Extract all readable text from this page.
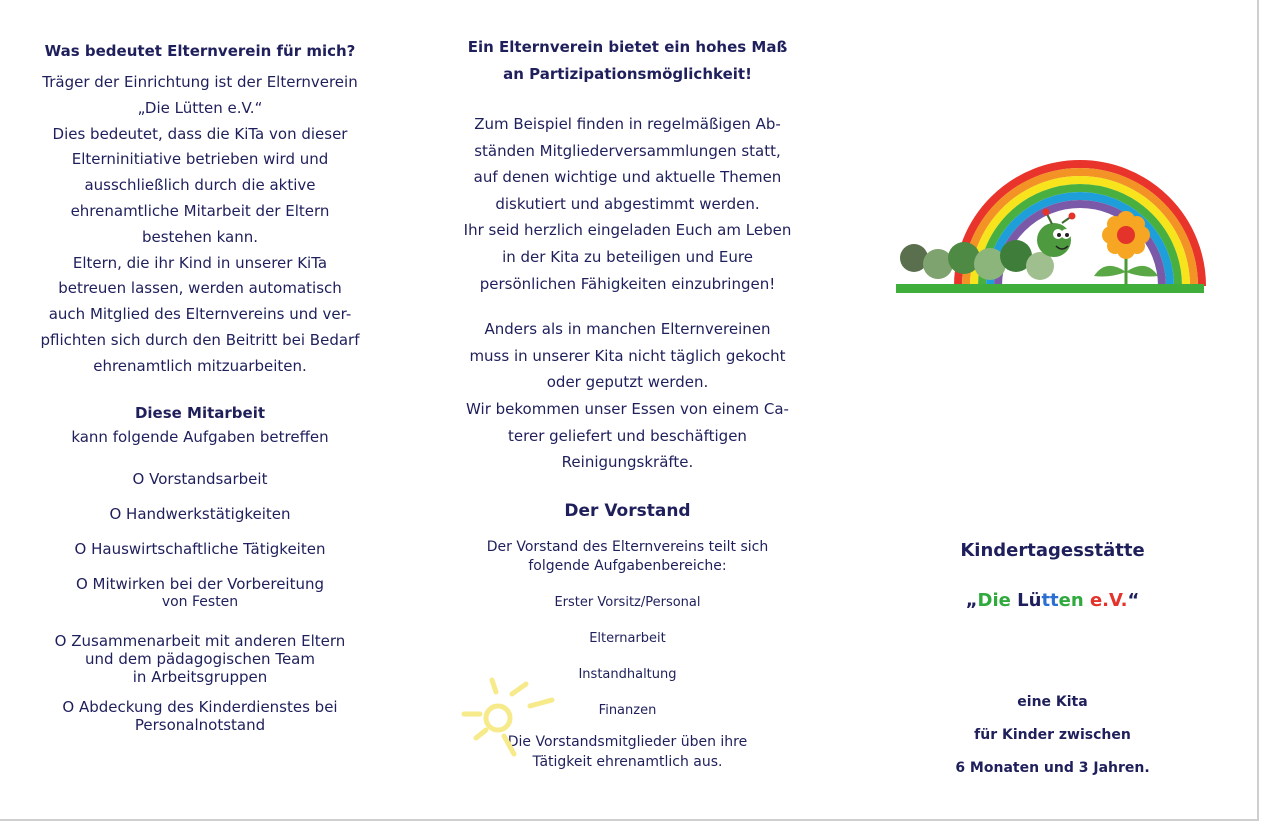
Was bedeutet Elternverein für mich?

Träger der Einrichtung ist der Elternverein

„Die Lütten e.V.“

Dies bedeutet, dass die KiTa von dieser

Elterninitiative betrieben wird und

ausschließlich durch die aktive

ehrenamtliche Mitarbeit der Eltern

bestehen kann.

Eltern, die ihr Kind in unserer KiTa

betreuen lassen, werden automatisch

auch Mitglied des Elternvereins und ver-

pflichten sich durch den Beitritt bei Bedarf

ehrenamtlich mitzuarbeiten.

Diese Mitarbeit

kann folgende Aufgaben betreffen

O Vorstandsarbeit

O Handwerkstätigkeiten

O Hauswirtschaftliche Tätigkeiten

O Mitwirken bei der Vorbereitung

von Festen

O Zusammenarbeit mit anderen Eltern

und dem pädagogischen Team

in Arbeitsgruppen

O Abdeckung des Kinderdienstes bei

Personalnotstand

Ein Elternverein bietet ein hohes Maß

an Partizipationsmöglichkeit!

Zum Beispiel finden in regelmäßigen Ab-

ständen Mitgliederversammlungen statt,

auf denen wichtige und aktuelle Themen

diskutiert und abgestimmt werden.

Ihr seid herzlich eingeladen Euch am Leben

in der Kita zu beteiligen und Eure

persönlichen Fähigkeiten einzubringen!

Anders als in manchen Elternvereinen

muss in unserer Kita nicht täglich gekocht

oder geputzt werden.

Wir bekommen unser Essen von einem Ca-

terer geliefert und beschäftigen

Reinigungskräfte.

Der Vorstand

Der Vorstand des Elternvereins teilt sich

folgende Aufgabenbereiche:

Erster Vorsitz/Personal

Elternarbeit

Instandhaltung

Finanzen

Die Vorstandsmitglieder üben ihre

Tätigkeit ehrenamtlich aus.

Kindertagesstätte
„Die Lütten e.V.“
eine Kita
für Kinder zwischen
6 Monaten und 3 Jahren.
